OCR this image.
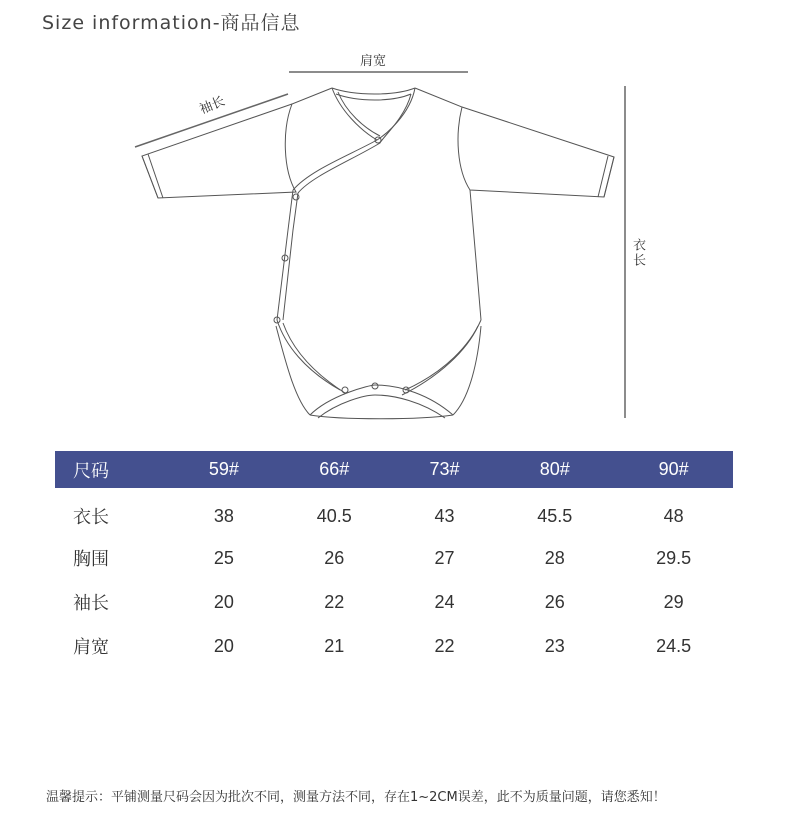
Size information-商品信息
肩宽
袖长
衣长
尺码	59#	66#	73#	80#	90#
衣长	38	40.5	43	45.5	48
胸围	25	26	27	28	29.5
袖长	20	22	24	26	29
肩宽	20	21	22	23	24.5
温馨提示：平铺测量尺码会因为批次不同，测量方法不同，存在1~2CM误差，此不为质量问题，请您悉知！
